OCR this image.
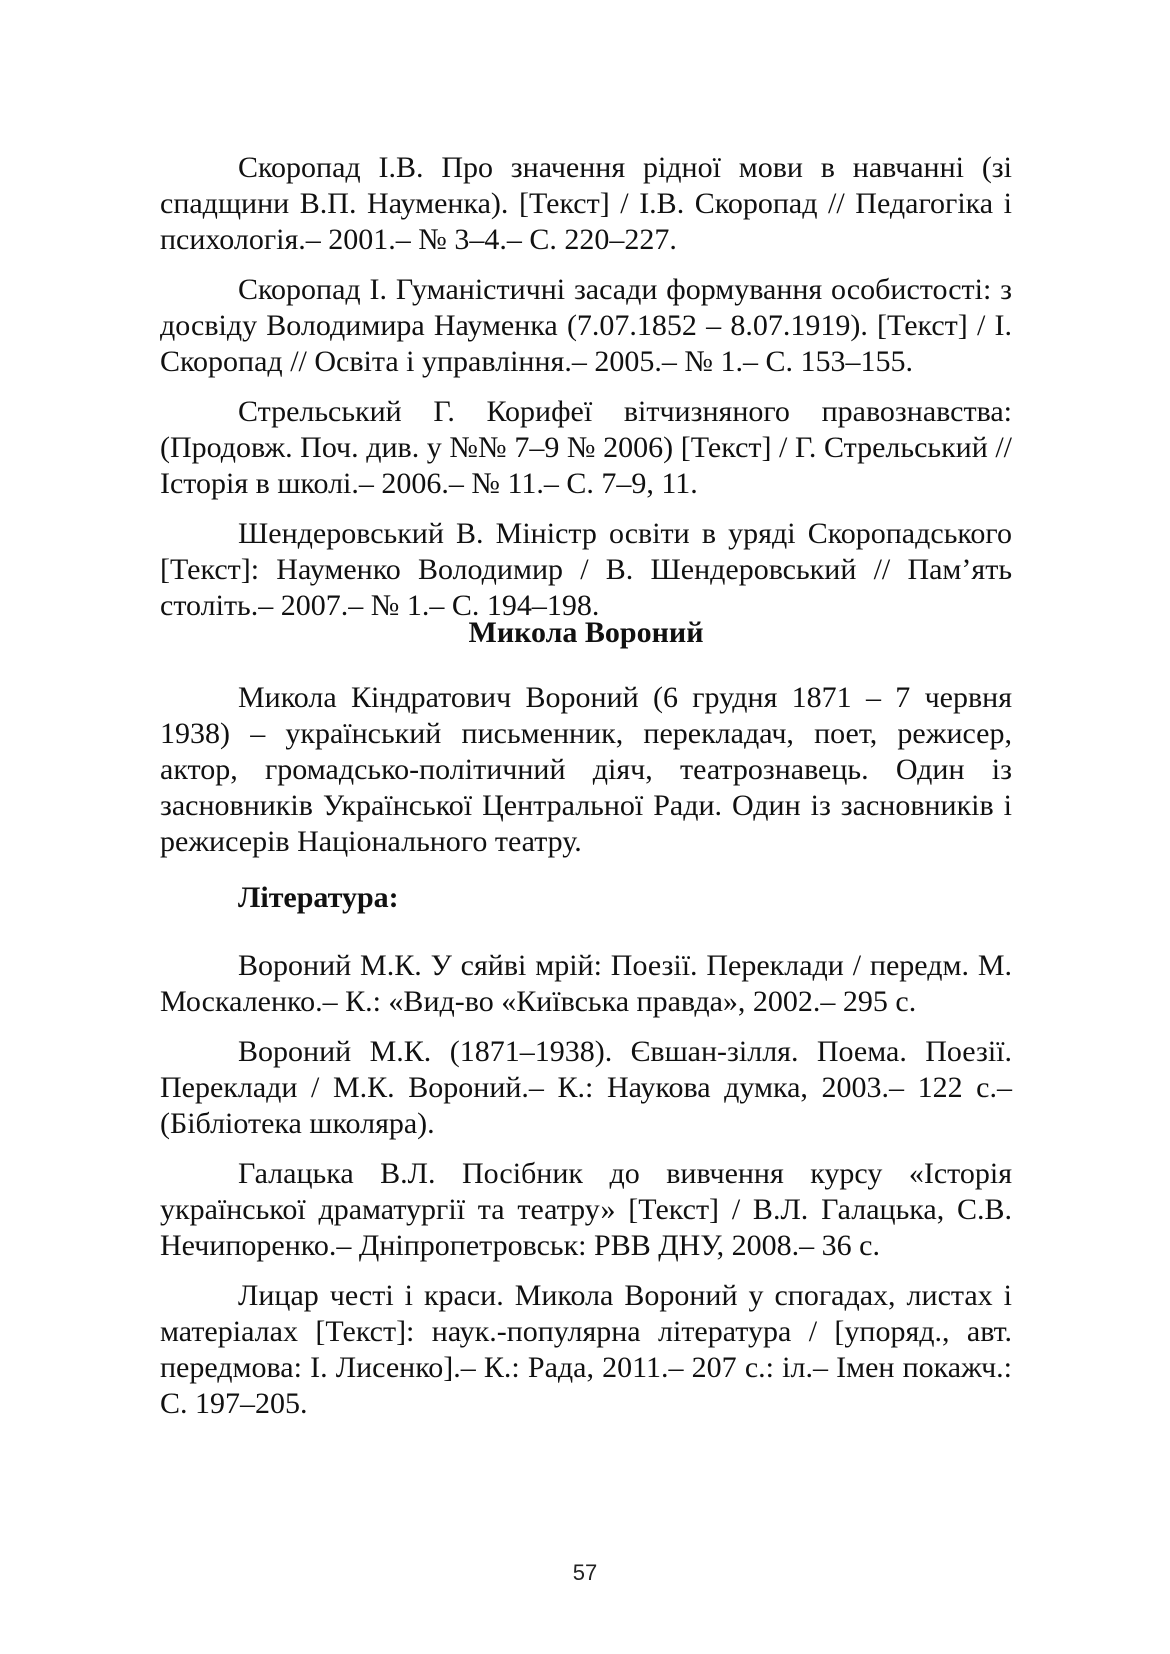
Скоропад І.В. Про значення рідної мови в навчанні (зі спадщини В.П. Науменка). [Текст] / І.В. Скоропад // Педагогіка і психологія.– 2001.– № 3–4.– С. 220–227.

Скоропад І. Гуманістичні засади формування особистості: з досвіду Володимира Науменка (7.07.1852 – 8.07.1919). [Текст] / І. Скоропад // Освіта і управління.– 2005.– № 1.– С. 153–155.

Стрельський Г. Корифеї вітчизняного правознавства: (Продовж. Поч. див. у №№ 7–9 № 2006) [Текст] / Г. Стрельський // Історія в школі.– 2006.– № 11.– С. 7–9, 11.

Шендеровський В. Міністр освіти в уряді Скоропадського [Текст]: Науменко Володимир / В. Шендеровський // Пам’ять століть.– 2007.– № 1.– С. 194–198.

Микола Вороний

Микола Кіндратович Вороний (6 грудня 1871 – 7 червня 1938) – український письменник, перекладач, поет, режисер, актор, громадсько-політичний діяч, театрознавець. Один із засновників Української Центральної Ради. Один із засновників і режисерів Національного театру.

Література:

Вороний М.К. У сяйві мрій: Поезії. Переклади / передм. М. Москаленко.– К.: «Вид-во «Київська правда», 2002.– 295 с.

Вороний М.К. (1871–1938). Євшан-зілля. Поема. Поезії. Переклади / М.К. Вороний.– К.: Наукова думка, 2003.– 122 с.– (Бібліотека школяра).

Галацька В.Л. Посібник до вивчення курсу «Історія української драматургії та театру» [Текст] / В.Л. Галацька, С.В. Нечипоренко.– Дніпропетровськ: РВВ ДНУ, 2008.– 36 с.

Лицар честі і краси. Микола Вороний у спогадах, листах і матеріалах [Текст]: наук.-популярна література / [упоряд., авт. передмова: І. Лисенко].– К.: Рада, 2011.– 207 с.: іл.– Імен покажч.: С. 197–205.

57
